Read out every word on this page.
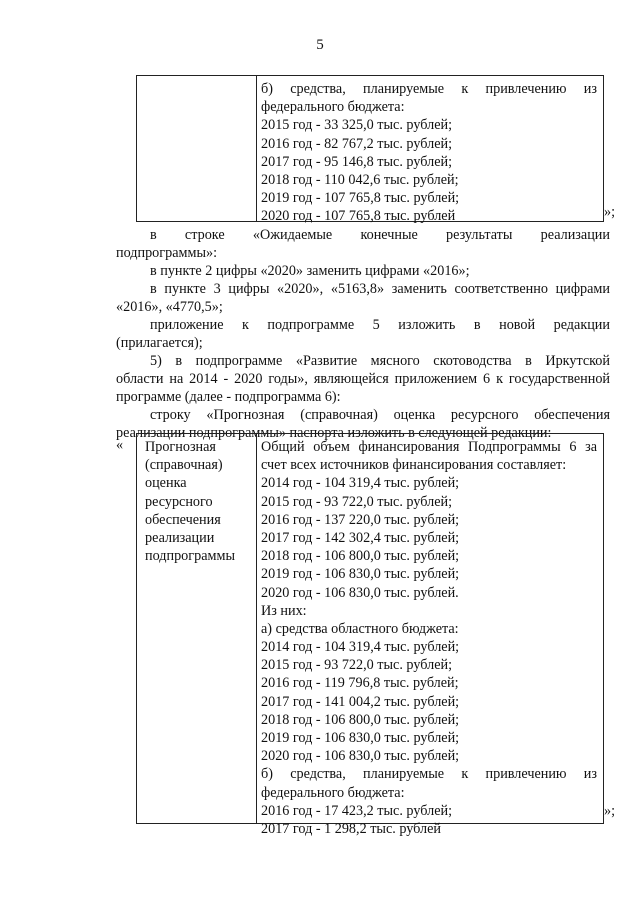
5
б) средства, планируемые к привлечению из
федерального бюджета:
2015 год - 33 325,0 тыс. рублей;
2016 год - 82 767,2 тыс. рублей;
2017 год - 95 146,8 тыс. рублей;
2018 год - 110 042,6 тыс. рублей;
2019 год - 107 765,8 тыс. рублей;
2020 год - 107 765,8 тыс. рублей	»;
в строке «Ожидаемые конечные результаты реализации
подпрограммы»:
в пункте 2 цифры «2020» заменить цифрами «2016»;
в пункте 3 цифры «2020», «5163,8» заменить соответственно цифрами
«2016», «4770,5»;
приложение к подпрограмме 5 изложить в новой редакции
(прилагается);
5) в подпрограмме «Развитие мясного скотоводства в Иркутской
области на 2014 - 2020 годы», являющейся приложением 6 к государственной
программе (далее - подпрограмма 6):
строку «Прогнозная (справочная) оценка ресурсного обеспечения
реализации подпрограммы» паспорта изложить в следующей редакции:
« Прогнозная
(справочная)
оценка
ресурсного
обеспечения
реализации
подпрограммы
Общий объем финансирования Подпрограммы 6 за
счет всех источников финансирования составляет:
2014 год - 104 319,4 тыс. рублей;
2015 год - 93 722,0 тыс. рублей;
2016 год - 137 220,0 тыс. рублей;
2017 год - 142 302,4 тыс. рублей;
2018 год - 106 800,0 тыс. рублей;
2019 год - 106 830,0 тыс. рублей;
2020 год - 106 830,0 тыс. рублей.
Из них:
а) средства областного бюджета:
2014 год - 104 319,4 тыс. рублей;
2015 год - 93 722,0 тыс. рублей;
2016 год - 119 796,8 тыс. рублей;
2017 год - 141 004,2 тыс. рублей;
2018 год - 106 800,0 тыс. рублей;
2019 год - 106 830,0 тыс. рублей;
2020 год - 106 830,0 тыс. рублей;
б) средства, планируемые к привлечению из
федерального бюджета:
2016 год - 17 423,2 тыс. рублей;
2017 год - 1 298,2 тыс. рублей
»;
